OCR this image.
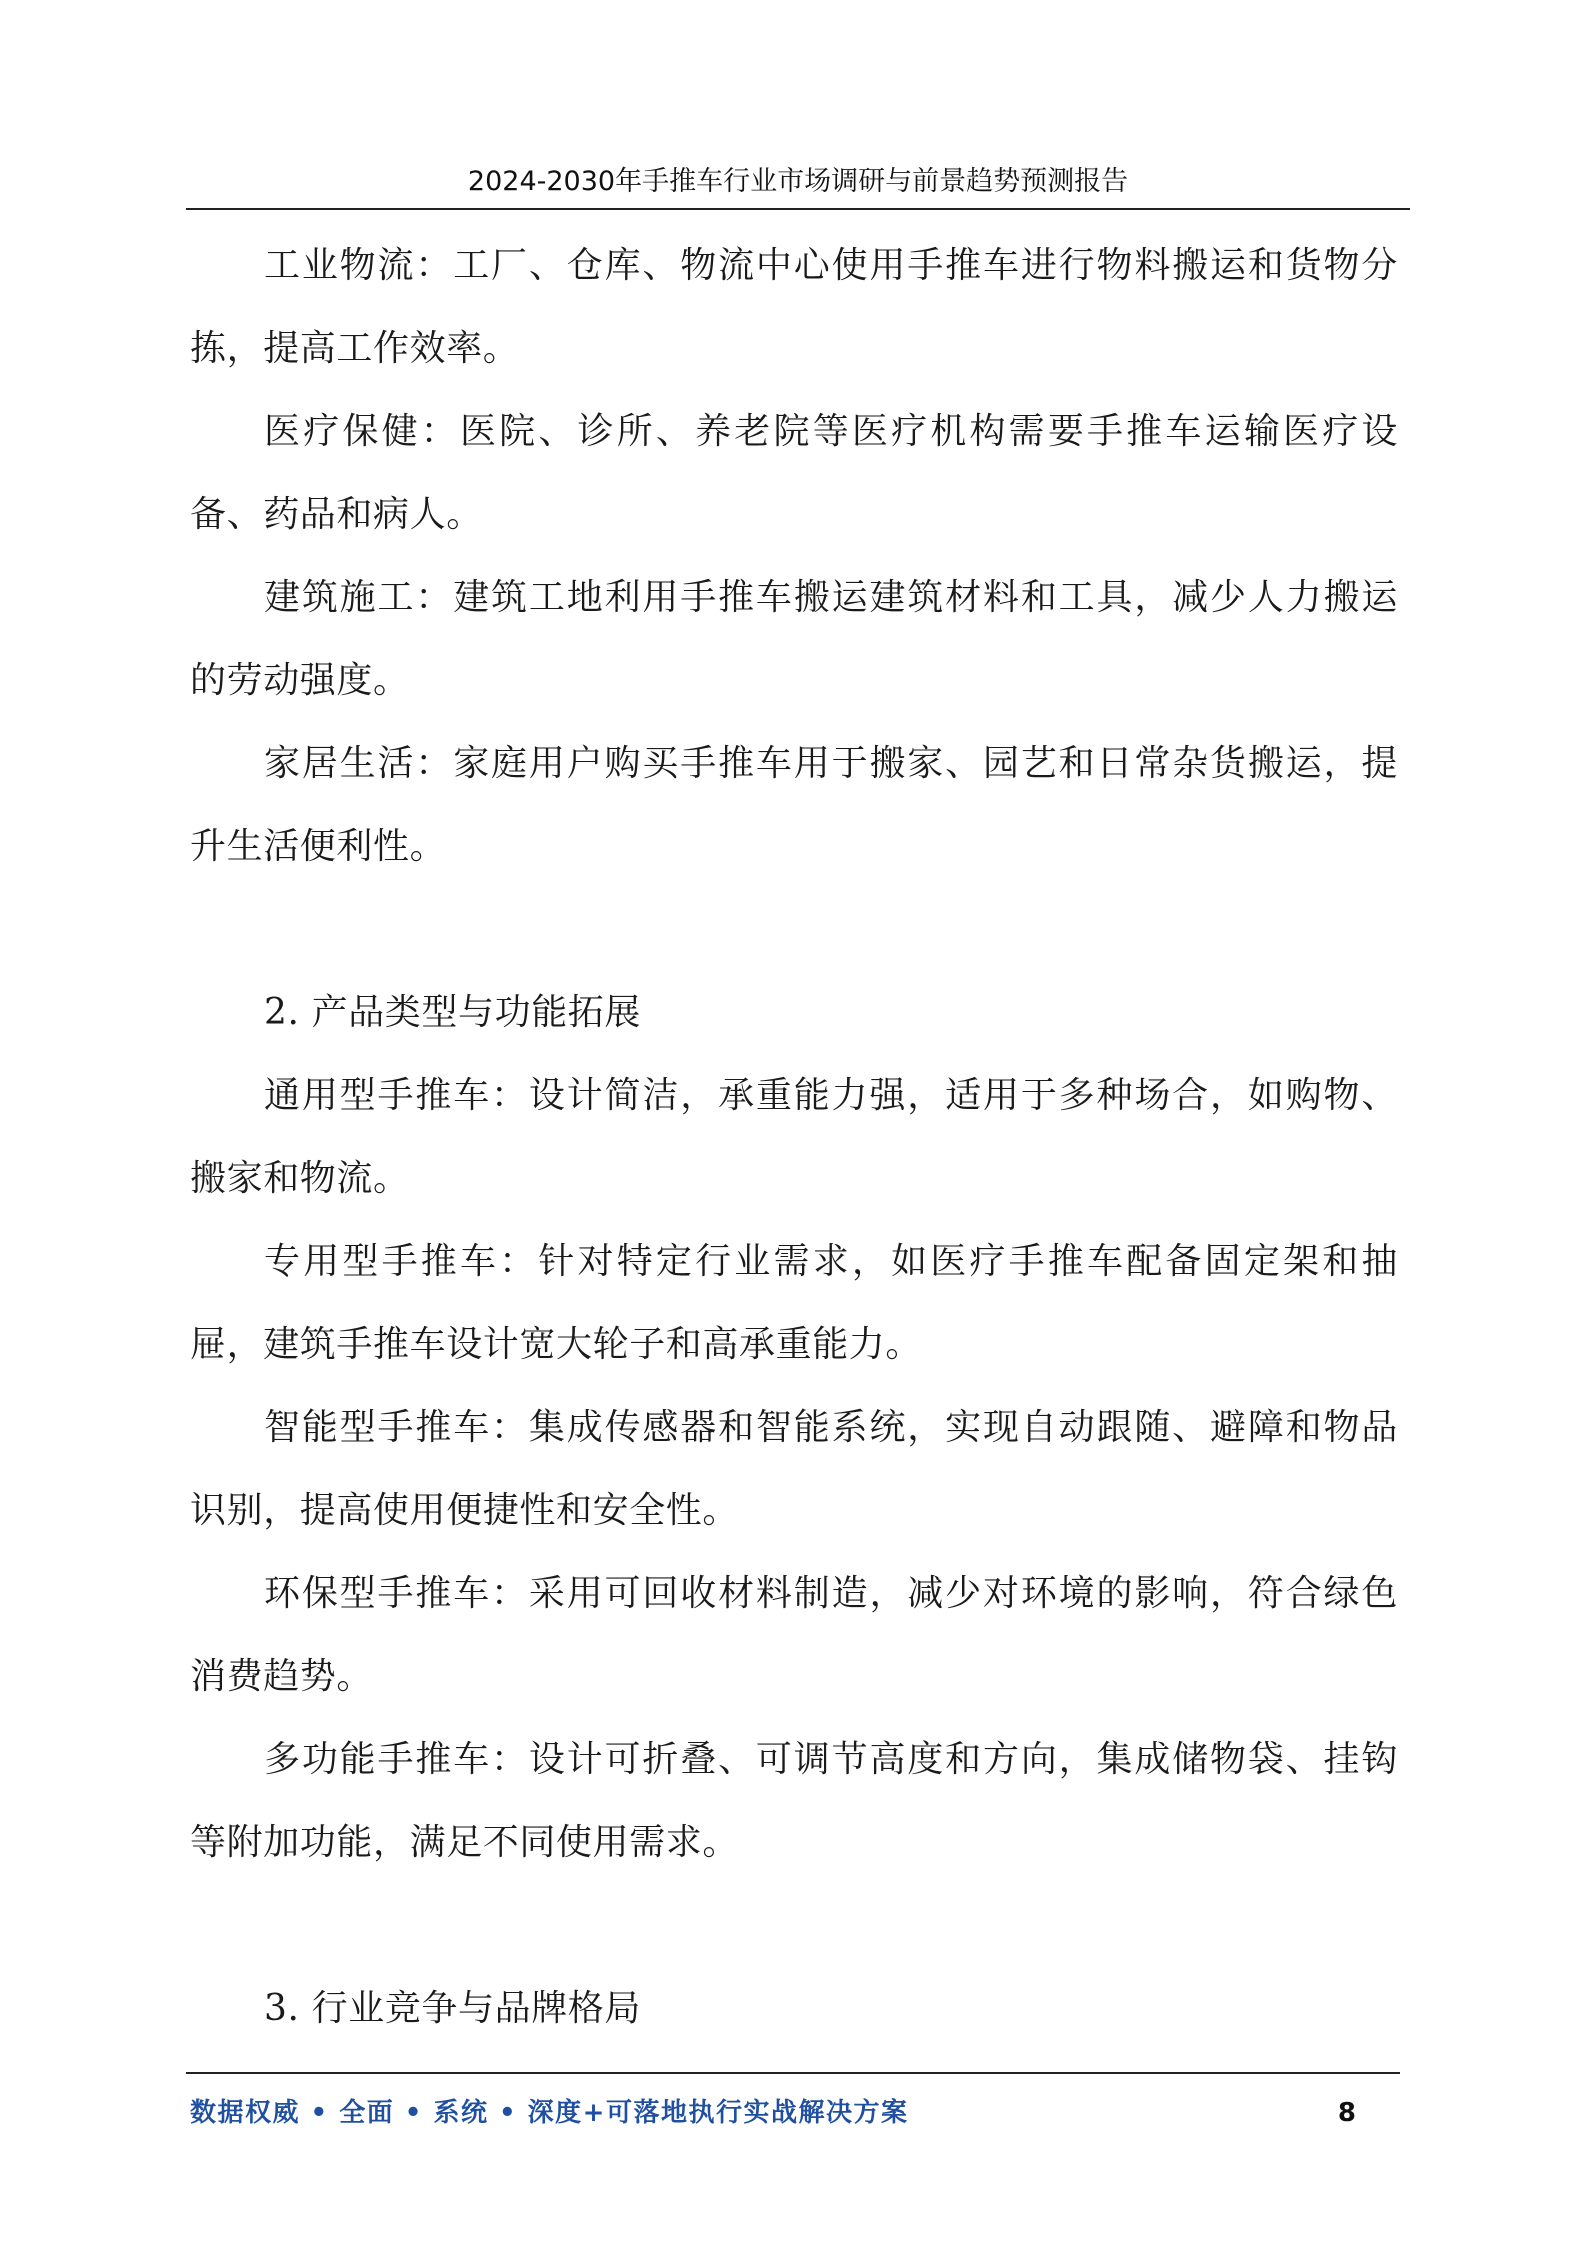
2024-2030年手推车行业市场调研与前景趋势预测报告

工业物流：工厂、仓库、物流中心使用手推车进行物料搬运和货物分拣，提高工作效率。

医疗保健：医院、诊所、养老院等医疗机构需要手推车运输医疗设备、药品和病人。

建筑施工：建筑工地利用手推车搬运建筑材料和工具，减少人力搬运的劳动强度。

家居生活：家庭用户购买手推车用于搬家、园艺和日常杂货搬运，提升生活便利性。

2. 产品类型与功能拓展

通用型手推车：设计简洁，承重能力强，适用于多种场合，如购物、搬家和物流。

专用型手推车：针对特定行业需求，如医疗手推车配备固定架和抽屉，建筑手推车设计宽大轮子和高承重能力。

智能型手推车：集成传感器和智能系统，实现自动跟随、避障和物品识别，提高使用便捷性和安全性。

环保型手推车：采用可回收材料制造，减少对环境的影响，符合绿色消费趋势。

多功能手推车：设计可折叠、可调节高度和方向，集成储物袋、挂钩等附加功能，满足不同使用需求。

3. 行业竞争与品牌格局

数据权威 • 全面 • 系统 • 深度+可落地执行实战解决方案	8
